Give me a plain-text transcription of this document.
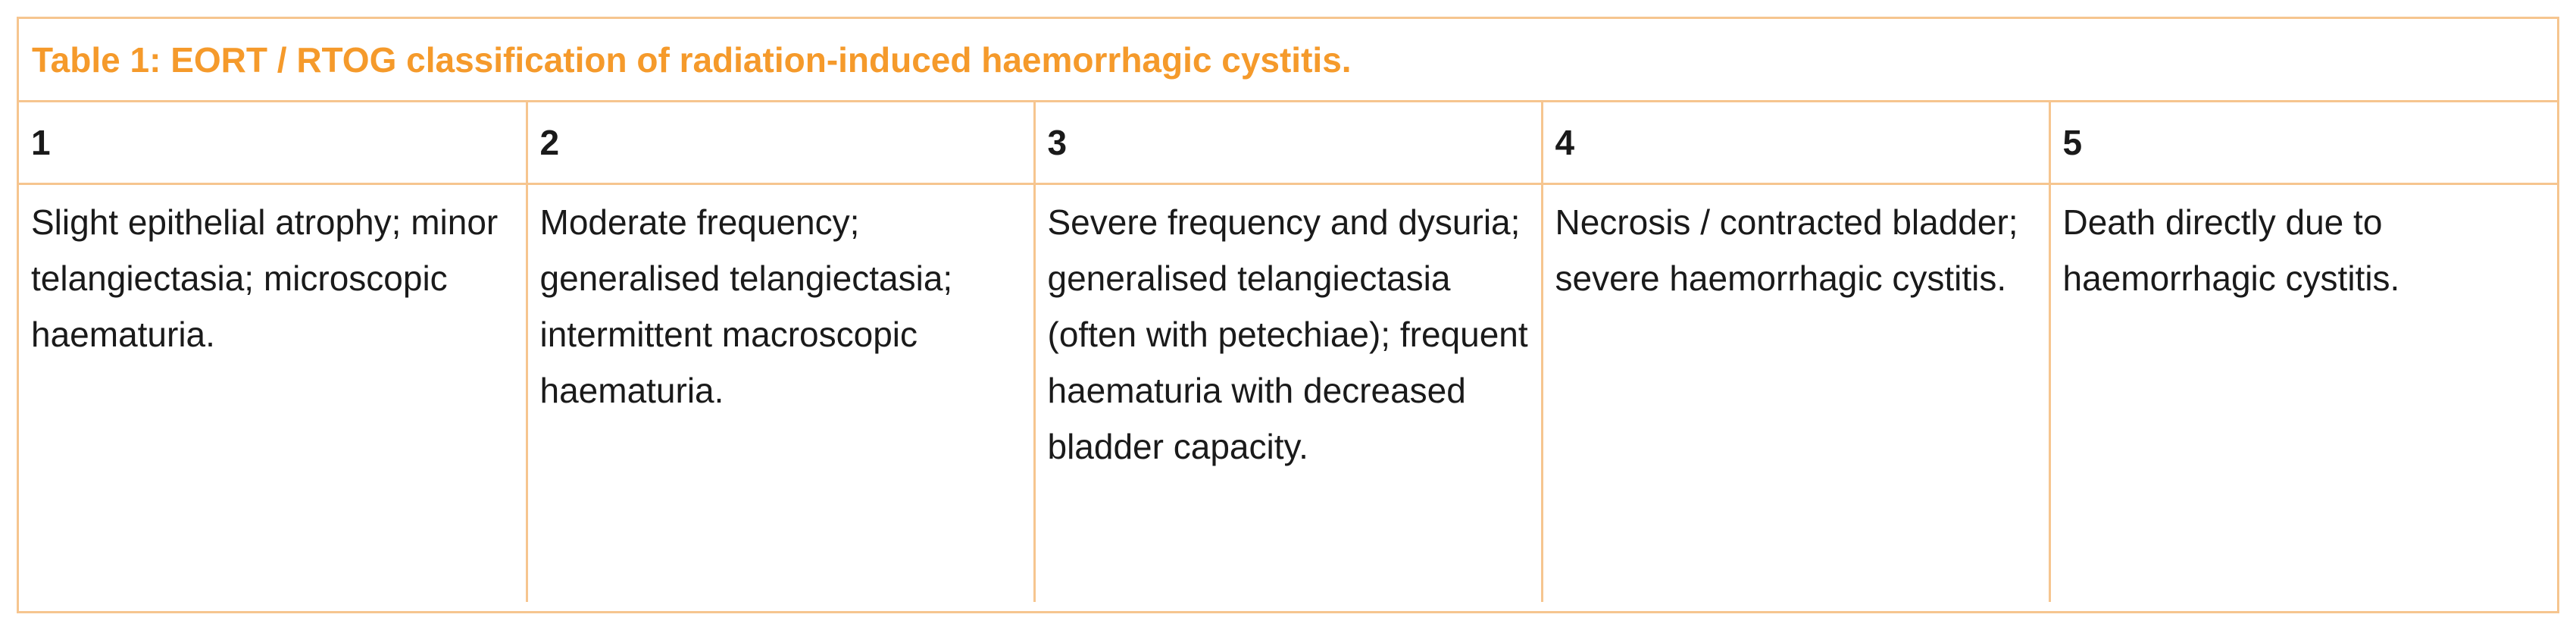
Table 1: EORT / RTOG classification of radiation-induced haemorrhagic cystitis.
1	2	3	4	5
Slight epithelial atrophy; minor telangiectasia; microscopic haematuria.	Moderate frequency; generalised telangiectasia; intermittent macroscopic haematuria.	Severe frequency and dysuria; generalised telangiectasia (often with petechiae); frequent haematuria with decreased bladder capacity.	Necrosis / contracted bladder; severe haemorrhagic cystitis.	Death directly due to haemorrhagic cystitis.
